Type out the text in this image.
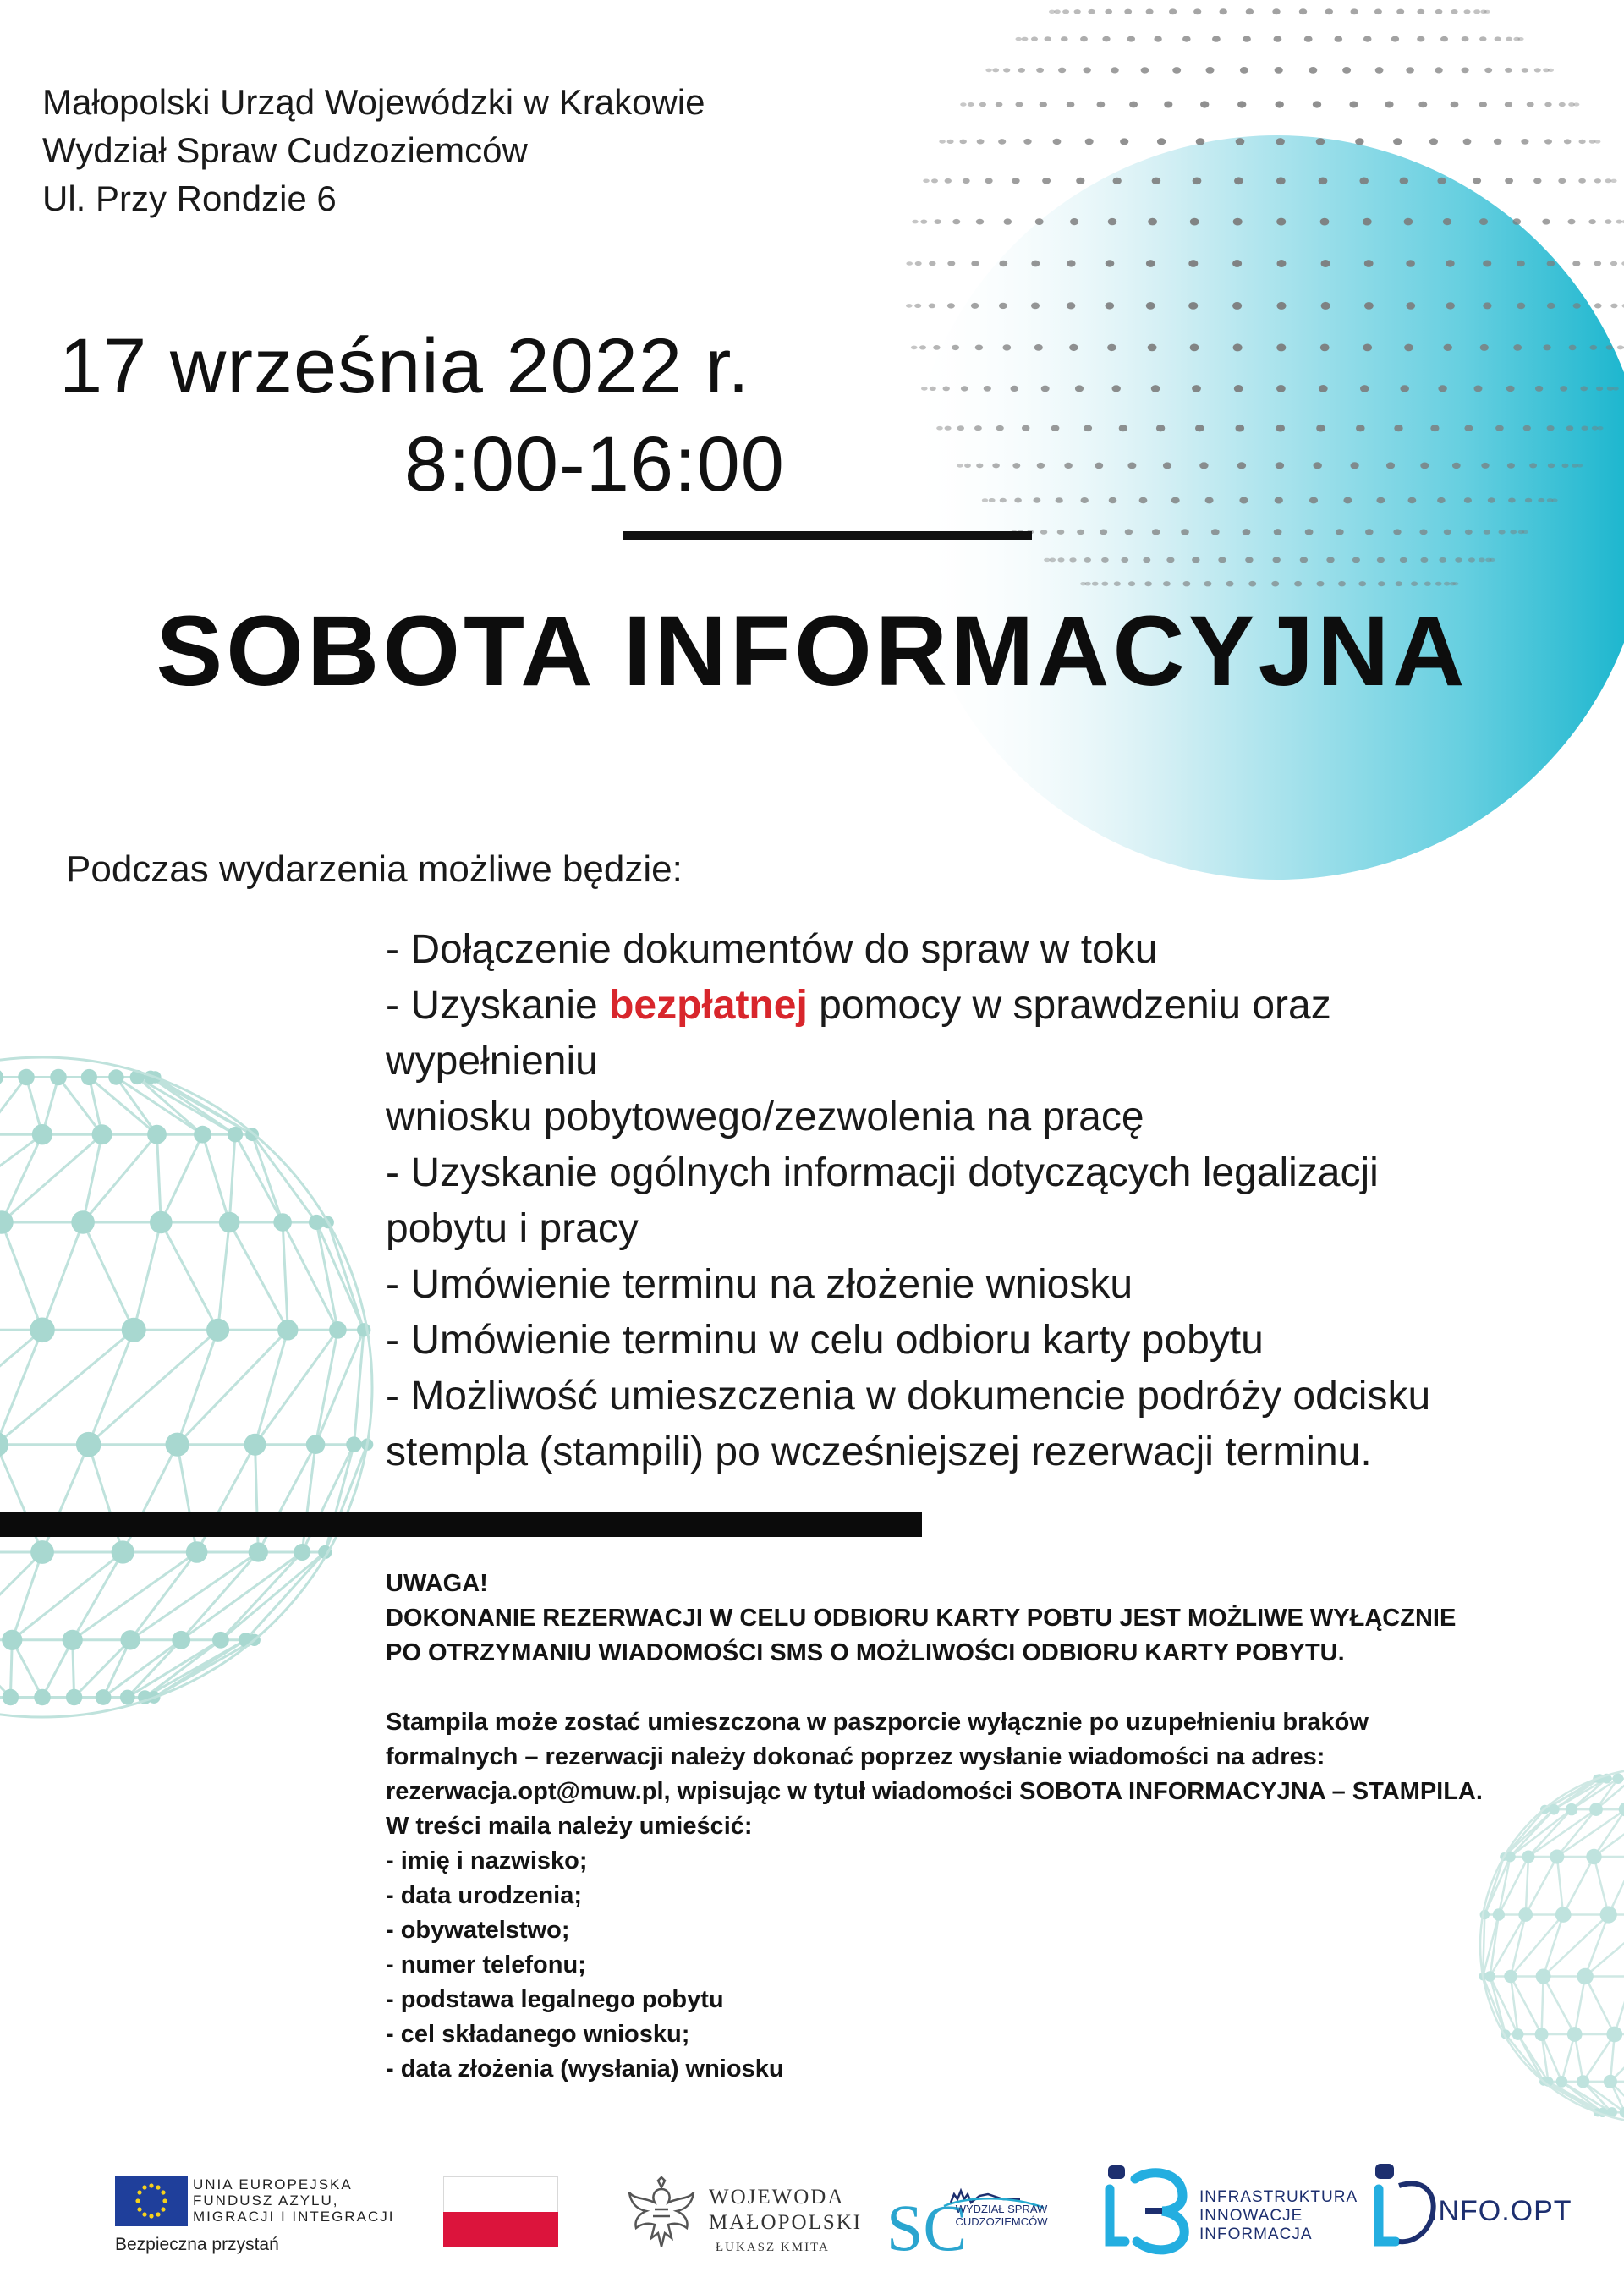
Małopolski Urząd Wojewódzki w Krakowie
Wydział Spraw Cudzoziemców
Ul. Przy Rondzie 6
17 września 2022 r.
8:00-16:00
SOBOTA INFORMACYJNA
Podczas wydarzenia możliwe będzie:

- Dołączenie dokumentów do spraw w toku

- Uzyskanie bezpłatnej pomocy w sprawdzeniu oraz

wypełnieniu

wniosku pobytowego/zezwolenia na pracę

- Uzyskanie ogólnych informacji dotyczących legalizacji

pobytu i pracy

- Umówienie terminu na złożenie wniosku

- Umówienie terminu w celu odbioru karty pobytu

- Możliwość umieszczenia w dokumencie podróży odcisku

stempla (stampili) po wcześniejszej rezerwacji terminu.

UWAGA!

DOKONANIE REZERWACJI W CELU ODBIORU KARTY POBTU JEST MOŻLIWE WYŁĄCZNIE

PO OTRZYMANIU WIADOMOŚCI SMS O MOŻLIWOŚCI ODBIORU KARTY POBYTU.

Stampila może zostać umieszczona w paszporcie wyłącznie po uzupełnieniu braków

formalnych – rezerwacji należy dokonać poprzez wysłanie wiadomości na adres:

rezerwacja.opt@muw.pl, wpisując w tytuł wiadomości SOBOTA INFORMACYJNA – STAMPILA.

W treści maila należy umieścić:

- imię i nazwisko;

- data urodzenia;

- obywatelstwo;

- numer telefonu;

- podstawa legalnego pobytu

- cel składanego wniosku;

- data złożenia (wysłania) wniosku

UNIA EUROPEJSKA
FUNDUSZ AZYLU,
MIGRACJI I INTEGRACJI
Bezpieczna przystań
WOJEWODA
MAŁOPOLSKI
ŁUKASZ KMITA SC
WYDZIAŁ SPRAW
CUDZOZIEMCÓW
INFRASTRUKTURA
INNOWACJE
INFORMACJA
INFO.OPT
